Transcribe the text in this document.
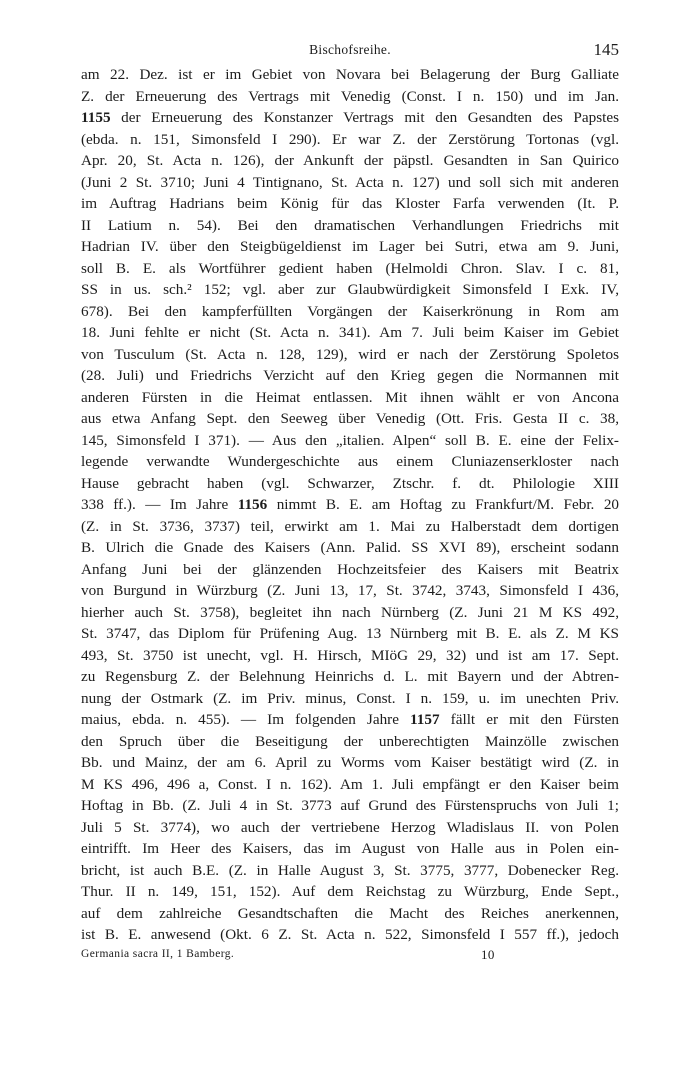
Bischofsreihe.	145
am 22. Dez. ist er im Gebiet von Novara bei Belagerung der Burg Galliate
Z. der Erneuerung des Vertrags mit Venedig (Const. I n. 150) und im Jan.
1155 der Erneuerung des Konstanzer Vertrags mit den Gesandten des Papstes
(ebda. n. 151, Simonsfeld I 290). Er war Z. der Zerstörung Tortonas (vgl.
Apr. 20, St. Acta n. 126), der Ankunft der päpstl. Gesandten in San Quirico
(Juni 2 St. 3710; Juni 4 Tintignano, St. Acta n. 127) und soll sich mit anderen
im Auftrag Hadrians beim König für das Kloster Farfa verwenden (It. P.
II Latium n. 54). Bei den dramatischen Verhandlungen Friedrichs mit
Hadrian IV. über den Steigbügeldienst im Lager bei Sutri, etwa am 9. Juni,
soll B. E. als Wortführer gedient haben (Helmoldi Chron. Slav. I c. 81,
SS in us. sch.² 152; vgl. aber zur Glaubwürdigkeit Simonsfeld I Exk. IV,
678). Bei den kampferfüllten Vorgängen der Kaiserkrönung in Rom am
18. Juni fehlte er nicht (St. Acta n. 341). Am 7. Juli beim Kaiser im Gebiet
von Tusculum (St. Acta n. 128, 129), wird er nach der Zerstörung Spoletos
(28. Juli) und Friedrichs Verzicht auf den Krieg gegen die Normannen mit
anderen Fürsten in die Heimat entlassen. Mit ihnen wählt er von Ancona
aus etwa Anfang Sept. den Seeweg über Venedig (Ott. Fris. Gesta II c. 38,
145, Simonsfeld I 371). — Aus den „italien. Alpen“ soll B. E. eine der Felix-
legende verwandte Wundergeschichte aus einem Cluniazenserkloster nach
Hause gebracht haben (vgl. Schwarzer, Ztschr. f. dt. Philologie XIII
338 ff.). — Im Jahre 1156 nimmt B. E. am Hoftag zu Frankfurt/M. Febr. 20
(Z. in St. 3736, 3737) teil, erwirkt am 1. Mai zu Halberstadt dem dortigen
B. Ulrich die Gnade des Kaisers (Ann. Palid. SS XVI 89), erscheint sodann
Anfang Juni bei der glänzenden Hochzeitsfeier des Kaisers mit Beatrix
von Burgund in Würzburg (Z. Juni 13, 17, St. 3742, 3743, Simonsfeld I 436,
hierher auch St. 3758), begleitet ihn nach Nürnberg (Z. Juni 21 M KS 492,
St. 3747, das Diplom für Prüfening Aug. 13 Nürnberg mit B. E. als Z. M KS
493, St. 3750 ist unecht, vgl. H. Hirsch, MIöG 29, 32) und ist am 17. Sept.
zu Regensburg Z. der Belehnung Heinrichs d. L. mit Bayern und der Abtren-
nung der Ostmark (Z. im Priv. minus, Const. I n. 159, u. im unechten Priv.
maius, ebda. n. 455). — Im folgenden Jahre 1157 fällt er mit den Fürsten
den Spruch über die Beseitigung der unberechtigten Mainzölle zwischen
Bb. und Mainz, der am 6. April zu Worms vom Kaiser bestätigt wird (Z. in
M KS 496, 496 a, Const. I n. 162). Am 1. Juli empfängt er den Kaiser beim
Hoftag in Bb. (Z. Juli 4 in St. 3773 auf Grund des Fürstenspruchs von Juli 1;
Juli 5 St. 3774), wo auch der vertriebene Herzog Wladislaus II. von Polen
eintrifft. Im Heer des Kaisers, das im August von Halle aus in Polen ein-
bricht, ist auch B.E. (Z. in Halle August 3, St. 3775, 3777, Dobenecker Reg.
Thur. II n. 149, 151, 152). Auf dem Reichstag zu Würzburg, Ende Sept.,
auf dem zahlreiche Gesandtschaften die Macht des Reiches anerkennen,
ist B. E. anwesend (Okt. 6 Z. St. Acta n. 522, Simonsfeld I 557 ff.), jedoch
Germania sacra II, 1 Bamberg.	10
